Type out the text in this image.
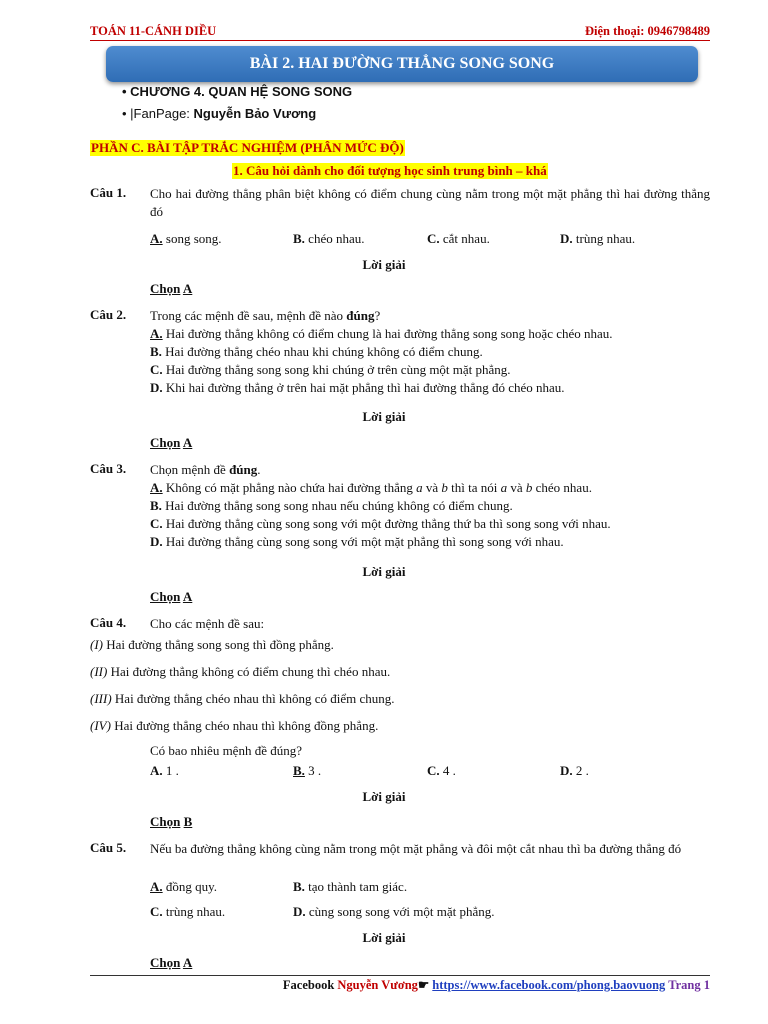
TOÁN 11-CÁNH DIỀU	Điện thoại: 0946798489
BÀI 2. HAI ĐƯỜNG THẲNG SONG SONG
• CHƯƠNG 4. QUAN HỆ SONG SONG
• |FanPage: Nguyễn Bảo Vương
PHẦN C. BÀI TẬP TRẮC NGHIỆM (PHÂN MỨC ĐỘ)
1. Câu hỏi dành cho đối tượng học sinh trung bình – khá
Câu 1. Cho hai đường thẳng phân biệt không có điểm chung cùng nằm trong một mặt phẳng thì hai đường thẳng đó
A. song song.	B. chéo nhau.	C. cắt nhau.	D. trùng nhau.
Lời giải
Chọn A
Câu 2. Trong các mệnh đề sau, mệnh đề nào đúng?
A. Hai đường thẳng không có điểm chung là hai đường thẳng song song hoặc chéo nhau.
B. Hai đường thẳng chéo nhau khi chúng không có điểm chung.
C. Hai đường thẳng song song khi chúng ở trên cùng một mặt phẳng.
D. Khi hai đường thẳng ở trên hai mặt phẳng thì hai đường thẳng đó chéo nhau.
Lời giải
Chọn A
Câu 3. Chọn mệnh đề đúng.
A. Không có mặt phẳng nào chứa hai đường thẳng a và b thì ta nói a và b chéo nhau.
B. Hai đường thẳng song song nhau nếu chúng không có điểm chung.
C. Hai đường thẳng cùng song song với một đường thẳng thứ ba thì song song với nhau.
D. Hai đường thẳng cùng song song với một mặt phẳng thì song song với nhau.
Lời giải
Chọn A
Câu 4. Cho các mệnh đề sau:
(I) Hai đường thẳng song song thì đồng phẳng.
(II) Hai đường thẳng không có điểm chung thì chéo nhau.
(III) Hai đường thẳng chéo nhau thì không có điểm chung.
(IV) Hai đường thẳng chéo nhau thì không đồng phẳng.
Có bao nhiêu mệnh đề đúng?
A. 1 .	B. 3 .	C. 4 .	D. 2 .
Lời giải
Chọn B
Câu 5. Nếu ba đường thẳng không cùng nằm trong một mặt phẳng và đôi một cắt nhau thì ba đường thẳng đó
A. đồng quy.	B. tạo thành tam giác.
C. trùng nhau.	D. cùng song song với một mặt phẳng.
Lời giải
Chọn A
Facebook Nguyễn Vương☛ https://www.facebook.com/phong.baovuong Trang 1
